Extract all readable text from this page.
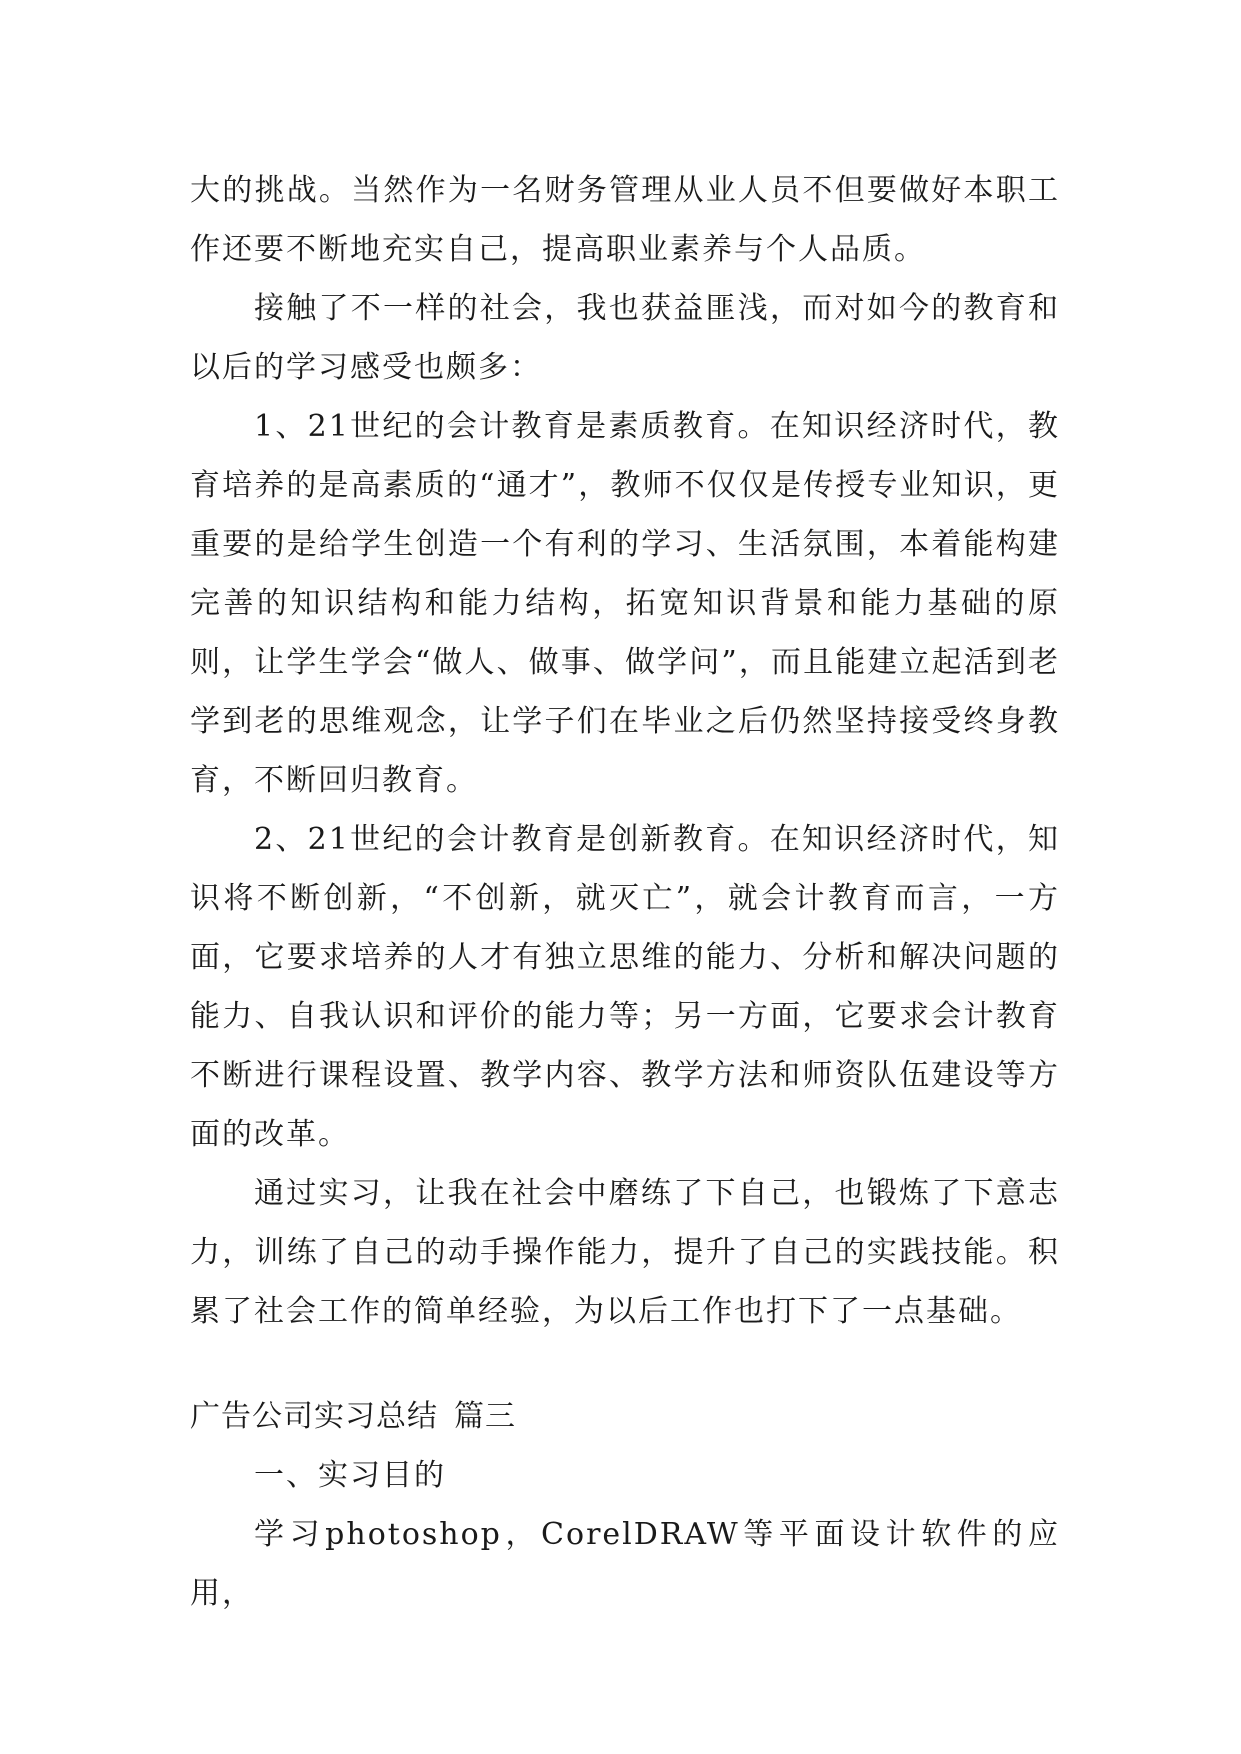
大的挑战。当然作为一名财务管理从业人员不但要做好本职工作还要不断地充实自己，提高职业素养与个人品质。

接触了不一样的社会，我也获益匪浅，而对如今的教育和以后的学习感受也颇多：

1、21世纪的会计教育是素质教育。在知识经济时代，教育培养的是高素质的“通才”，教师不仅仅是传授专业知识，更重要的是给学生创造一个有利的学习、生活氛围，本着能构建完善的知识结构和能力结构，拓宽知识背景和能力基础的原则，让学生学会“做人、做事、做学问”，而且能建立起活到老学到老的思维观念，让学子们在毕业之后仍然坚持接受终身教育，不断回归教育。

2、21世纪的会计教育是创新教育。在知识经济时代，知识将不断创新，“不创新，就灭亡”，就会计教育而言，一方面，它要求培养的人才有独立思维的能力、分析和解决问题的能力、自我认识和评价的能力等；另一方面，它要求会计教育不断进行课程设置、教学内容、教学方法和师资队伍建设等方面的改革。

通过实习，让我在社会中磨练了下自己，也锻炼了下意志力，训练了自己的动手操作能力，提升了自己的实践技能。积累了社会工作的简单经验，为以后工作也打下了一点基础。

广告公司实习总结 篇三

一、实习目的

学习photoshop，CorelDRAW等平面设计软件的应用，
